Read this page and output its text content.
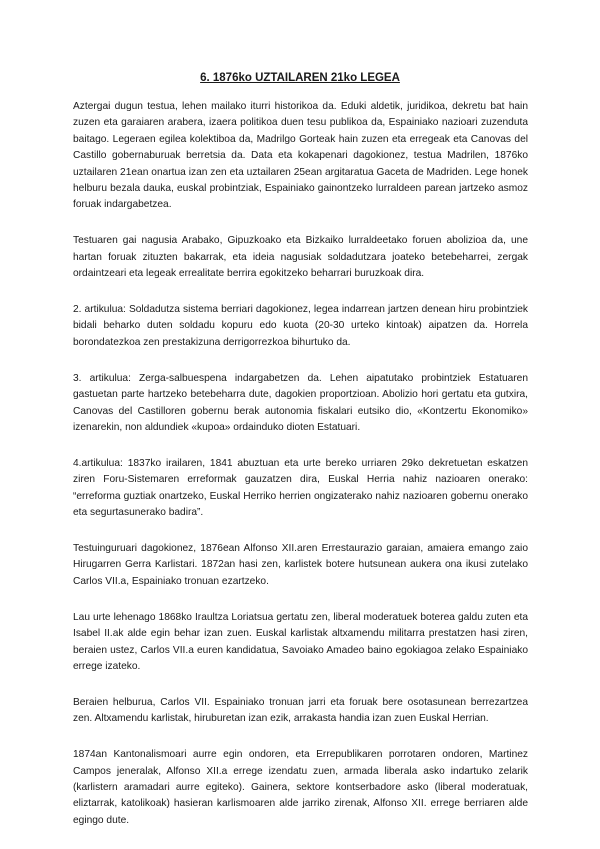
6. 1876ko UZTAILAREN 21ko LEGEA

Aztergai dugun testua, lehen mailako iturri historikoa da. Eduki aldetik, juridikoa, dekretu bat hain zuzen eta garaiaren arabera, izaera politikoa duen tesu publikoa da, Espainiako nazioari zuzenduta baitago. Legeraen egilea kolektiboa da, Madrilgo Gorteak hain zuzen eta erregeak eta Canovas del Castillo gobernaburuak berretsia da. Data eta kokapenari dagokionez, testua Madrilen, 1876ko uztailaren 21ean onartua izan zen eta uztailaren 25ean argitaratua Gaceta de Madriden. Lege honek helburu bezala dauka, euskal probintziak, Espainiako gainontzeko lurraldeen parean jartzeko asmoz foruak indargabetzea.

Testuaren gai nagusia Arabako, Gipuzkoako eta Bizkaiko lurraldeetako foruen abolizioa da, une hartan foruak zituzten bakarrak, eta ideia nagusiak soldadutzara joateko betebeharrei, zergak ordaintzeari eta legeak errealitate berrira egokitzeko beharrari buruzkoak dira.

2. artikulua: Soldadutza sistema berriari dagokionez, legea indarrean jartzen denean hiru probintziek bidali beharko duten soldadu kopuru edo kuota (20-30 urteko kintoak) aipatzen da. Horrela borondatezkoa zen prestakizuna derrigorrezkoa bihurtuko da.

3. artikulua: Zerga-salbuespena indargabetzen da. Lehen aipatutako probintziek Estatuaren gastuetan parte hartzeko betebeharra dute, dagokien proportzioan. Abolizio hori gertatu eta gutxira, Canovas del Castilloren gobernu berak autonomia fiskalari eutsiko dio, «Kontzertu Ekonomiko» izenarekin, non aldundiek «kupoa» ordainduko dioten Estatuari.

4.artikulua: 1837ko irailaren, 1841 abuztuan eta urte bereko urriaren 29ko dekretuetan eskatzen ziren Foru-Sistemaren erreformak gauzatzen dira, Euskal Herria nahiz nazioaren onerako: “erreforma guztiak onartzeko, Euskal Herriko herrien ongizaterako nahiz nazioaren gobernu onerako eta segurtasunerako badira”.

Testuinguruari dagokionez, 1876ean Alfonso XII.aren Errestaurazio garaian, amaiera emango zaio Hirugarren Gerra Karlistari. 1872an hasi zen, karlistek botere hutsunean aukera ona ikusi zutelako Carlos VII.a, Espainiako tronuan ezartzeko.

Lau urte lehenago 1868ko Iraultza Loriatsua gertatu zen, liberal moderatuek boterea galdu zuten eta Isabel II.ak alde egin behar izan zuen. Euskal karlistak altxamendu militarra prestatzen hasi ziren, beraien ustez, Carlos VII.a euren kandidatua, Savoiako Amadeo baino egokiagoa zelako Espainiako errege izateko.

Beraien helburua, Carlos VII. Espainiako tronuan jarri eta foruak bere osotasunean berrezartzea zen. Altxamendu karlistak, hiruburetan izan ezik, arrakasta handia izan zuen Euskal Herrian.

1874an Kantonalismoari aurre egin ondoren, eta Errepublikaren porrotaren ondoren, Martinez Campos jeneralak, Alfonso XII.a errege izendatu zuen, armada liberala asko indartuko zelarik (karlistern aramadari aurre egiteko). Gainera, sektore kontserbadore asko (liberal moderatuak, eliztarrak, katolikoak) hasieran karlismoaren alde jarriko zirenak, Alfonso XII. errege berriaren alde egingo dute.
